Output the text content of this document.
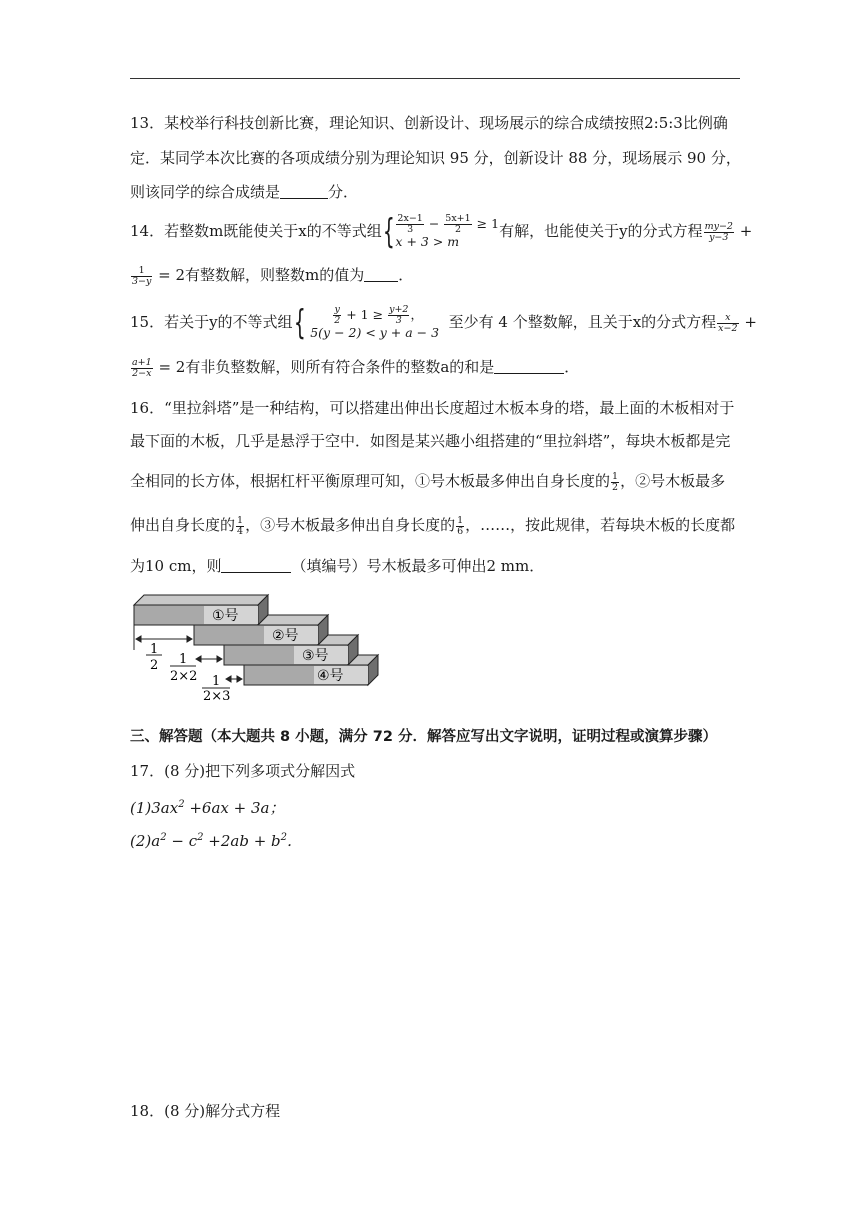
13．某校举行科技创新比赛，理论知识、创新设计、现场展示的综合成绩按照2:5:3比例确
定．某同学本次比赛的各项成绩分别为理论知识 95 分，创新设计 88 分，现场展示 90 分，
则该同学的综合成绩是	分．
14．若整数m既能使关于x的不等式组{ $\frac{2x-1}{3} - \frac{5x+1}{2} \ge 1$
x + 3 > m
有解，也能使关于y的分式方程 $\frac{my-2}{y-3}$ +
$\frac{1}{3-y} = 2$有整数解，则整数m的值为 ．
15．若关于y的不等式组{	$\frac{y}{2} + 1 \ge \frac{y+2}{3}$ ，
5(y − 2) < y + a − 3
至少有 4 个整数解，且关于x的分式方程 $\frac{x}{x-2}$ +
$\frac{a+1}{2-x} = 2$有非负整数解，则所有符合条件的整数a的和是	．
16．“里拉斜塔”是一种结构，可以搭建出伸出长度超过木板本身的塔，最上面的木板相对于
最下面的木板，几乎是悬浮于空中．如图是某兴趣小组搭建的“里拉斜塔”，每块木板都是完
全相同的长方体，根据杠杆平衡原理可知，①号木板最多伸出自身长度的 $\frac{1}{2}$ ，②号木板最多
伸出自身长度的 $\frac{1}{4}$ ，③号木板最多伸出自身长度的 $\frac{1}{6}$ ，……，按此规律，若每块木板的长度都
为10 cm，则	（填编号）号木板最多可伸出2 mm．
①号
②号
③号
④号
1
2 1
2×2 1
2×3
三、解答题（本大题共 8 小题，满分 72 分．解答应写出文字说明，证明过程或演算步骤）
17．(8 分)把下列多项式分解因式
$(1)3ax^2 +6ax + 3a$；
$(2)a^2 - c^2 +2ab + b^2$．
18．(8 分)解分式方程
